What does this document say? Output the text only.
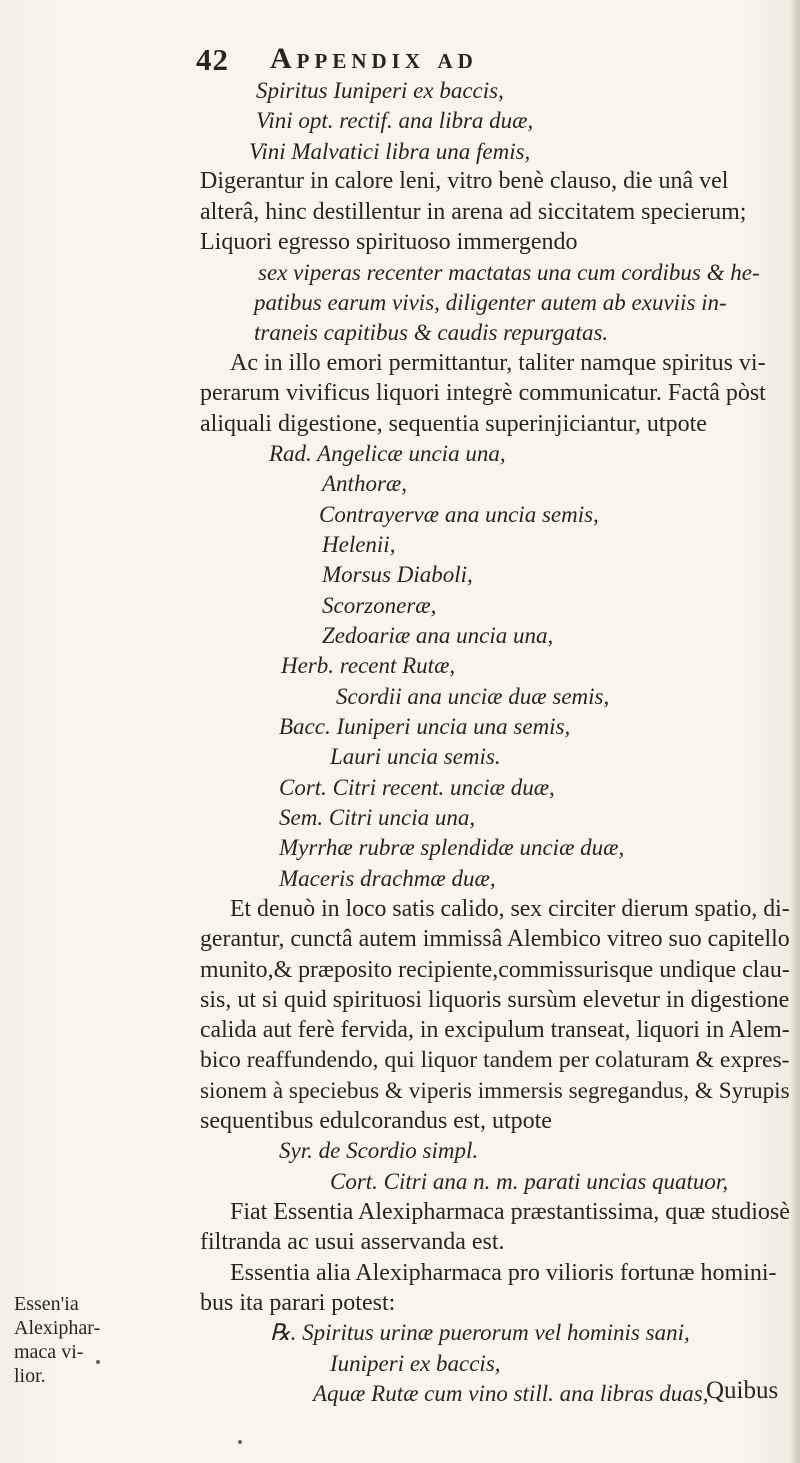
42 Appendix ad
Spiritus Iuniperi ex baccis,
Vini opt. rectif. ana libra duæ,
Vini Malvatici libra una femis,
Digerantur in calore leni, vitro benè clauso, die unâ vel
alterâ, hinc destillentur in arena ad siccitatem specierum;
Liquori egresso spirituoso immergendo
sex viperas recenter mactatas una cum cordibus & he-
patibus earum vivis, diligenter autem ab exuviis in-
traneis capitibus & caudis repurgatas.
Ac in illo emori permittantur, taliter namque spiritus vi-
perarum vivificus liquori integrè communicatur. Factâ pòst
aliquali digestione, sequentia superinjiciantur, utpote
Rad. Angelicæ uncia una,
Anthoræ,
Contrayervæ ana uncia semis,
Helenii,
Morsus Diaboli,
Scorzoneræ,
Zedoariæ ana uncia una,
Herb. recent Rutæ,
Scordii ana unciæ duæ semis,
Bacc. Iuniperi uncia una semis,
Lauri uncia semis.
Cort. Citri recent. unciæ duæ,
Sem. Citri uncia una,
Myrrhæ rubræ splendidæ unciæ duæ,
Maceris drachmæ duæ,
Et denuò in loco satis calido, sex circiter dierum spatio, di-
gerantur, cunctâ autem immissâ Alembico vitreo suo capitello
munito,& præposito recipiente,commissurisque undique clau-
sis, ut si quid spirituosi liquoris sursùm elevetur in digestione
calida aut ferè fervida, in excipulum transeat, liquori in Alem-
bico reaffundendo, qui liquor tandem per colaturam & expres-
sionem à speciebus & viperis immersis segregandus, & Syrupis
sequentibus edulcorandus est, utpote
Syr. de Scordio simpl.
Cort. Citri ana n. m. parati uncias quatuor,
Fiat Essentia Alexipharmaca præstantissima, quæ studiosè
filtranda ac usui asservanda est.
Essentia alia Alexipharmaca pro vilioris fortunæ homini-
bus ita parari potest:
℞. Spiritus urinæ puerorum vel hominis sani,
Iuniperi ex baccis,
Aquæ Rutæ cum vino still. ana libras duas,
Essen'ia
Alexiphar-
maca vi-
lior.
Quibus
